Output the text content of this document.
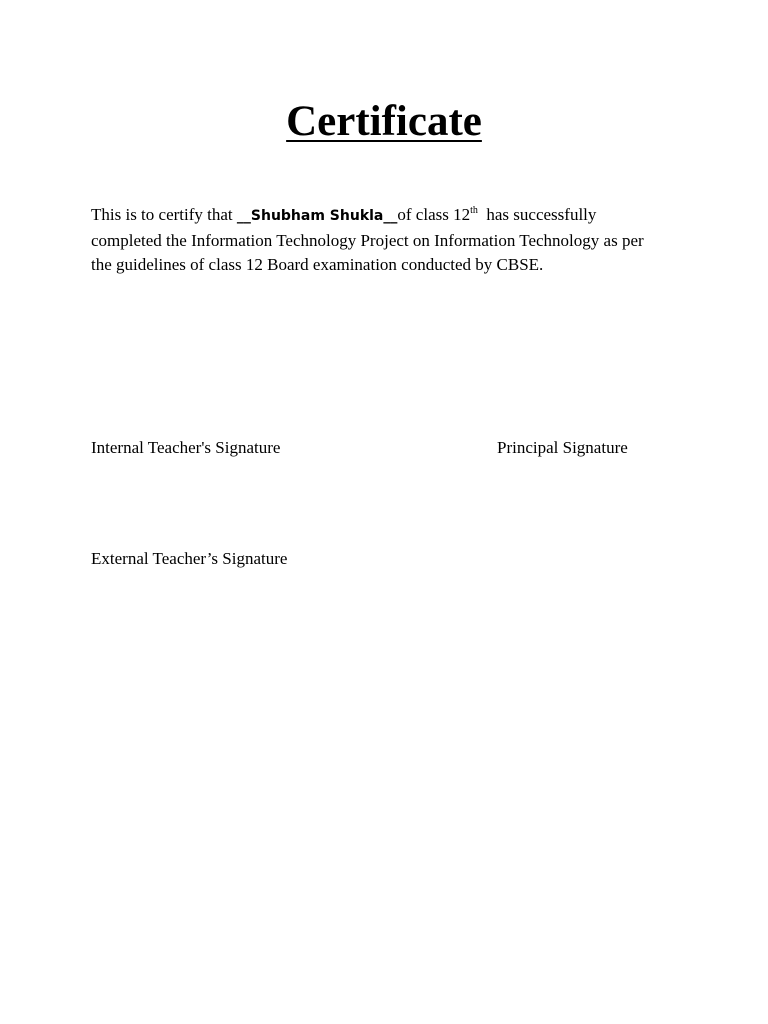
Certificate
This is to certify that __Shubham Shukla__of class 12th  has successfully
completed the Information Technology Project on Information Technology as per
the guidelines of class 12 Board examination conducted by CBSE.
Internal Teacher's Signature	Principal Signature
External Teacher’s Signature
